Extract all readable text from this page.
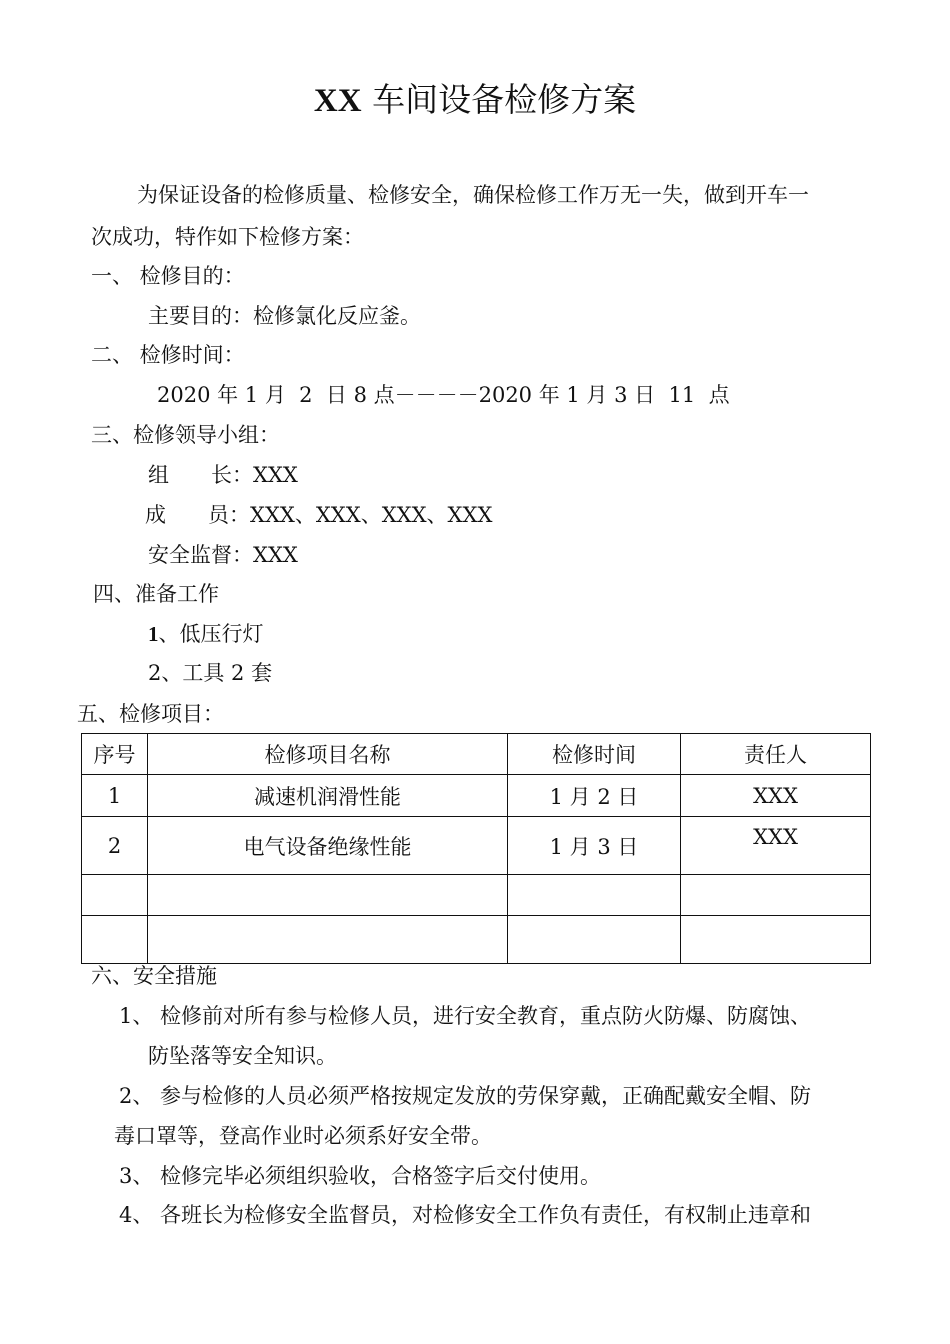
XX 车间设备检修方案
为保证设备的检修质量、检修安全，确保检修工作万无一失，做到开车一
次成功，特作如下检修方案：
一、 检修目的：
主要目的：检修氯化反应釜。
二、 检修时间：
2020 年 1 月  2  日 8 点－－－－2020 年 1 月 3 日  11  点
三、检修领导小组：
组　　长：XXX
成　　员：XXX、XXX、XXX、XXX
安全监督：XXX
四、准备工作
1、低压行灯
2、工具 2 套
五、检修项目：
序号	检修项目名称	检修时间	责任人
1	减速机润滑性能	1 月 2 日	XXX
2	电气设备绝缘性能	1 月 3 日	XXX

六、安全措施
1、 检修前对所有参与检修人员，进行安全教育，重点防火防爆、防腐蚀、
防坠落等安全知识。
2、 参与检修的人员必须严格按规定发放的劳保穿戴，正确配戴安全帽、防
毒口罩等，登高作业时必须系好安全带。
3、 检修完毕必须组织验收，合格签字后交付使用。
4、 各班长为检修安全监督员，对检修安全工作负有责任，有权制止违章和
